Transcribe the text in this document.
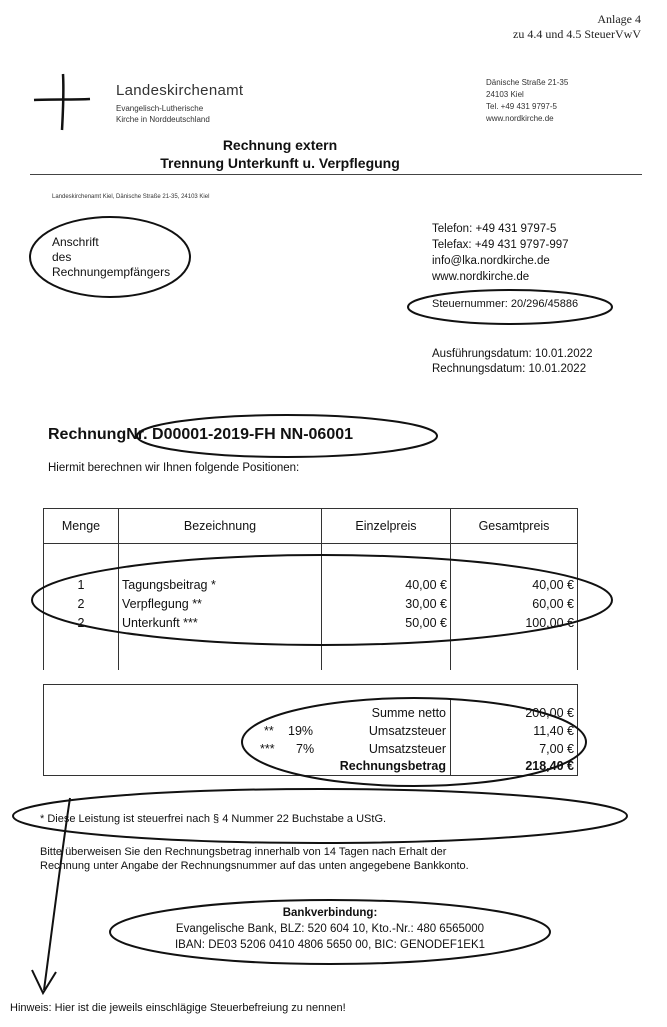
Anlage 4
zu 4.4 und 4.5 SteuerVwV
Landeskirchenamt
Evangelisch-Lutherische
Kirche in Norddeutschland
Dänische Straße 21-35
24103 Kiel
Tel. +49 431 9797-5
www.nordkirche.de
Rechnung extern
Trennung Unterkunft u. Verpflegung
Landeskirchenamt Kiel, Dänische Straße 21-35, 24103 Kiel
Anschrift
des
Rechnungempfängers
Telefon: +49 431 9797-5
Telefax: +49 431 9797-997
info@lka.nordkirche.de
www.nordkirche.de
Steuernummer: 20/296/45886
Ausführungsdatum: 10.01.2022
Rechnungsdatum: 10.01.2022
RechnungNr. D00001-2019-FH NN-06001
Hiermit berechnen wir Ihnen folgende Positionen:
Menge	Bezeichnung	Einzelpreis	Gesamtpreis

1	Tagungsbeitrag *	40,00 €	40,00 €
2	Verpflegung **	30,00 €	60,00 €
2	Unterkunft ***	50,00 €	100,00 €

Summe netto	200,00 €
** 19%	Umsatzsteuer	11,40 €
*** 7%	Umsatzsteuer	7,00 €
Rechnungsbetrag	218,40 €
* Diese Leistung ist steuerfrei nach § 4 Nummer 22 Buchstabe a UStG.
Bitte überweisen Sie den Rechnungsbetrag innerhalb von 14 Tagen nach Erhalt der
Rechnung unter Angabe der Rechnungsnummer auf das unten angegebene Bankkonto.
Bankverbindung:
Evangelische Bank, BLZ: 520 604 10, Kto.-Nr.: 480 6565000
IBAN: DE03 5206 0410 4806 5650 00, BIC: GENODEF1EK1
Hinweis: Hier ist die jeweils einschlägige Steuerbefreiung zu nennen!
